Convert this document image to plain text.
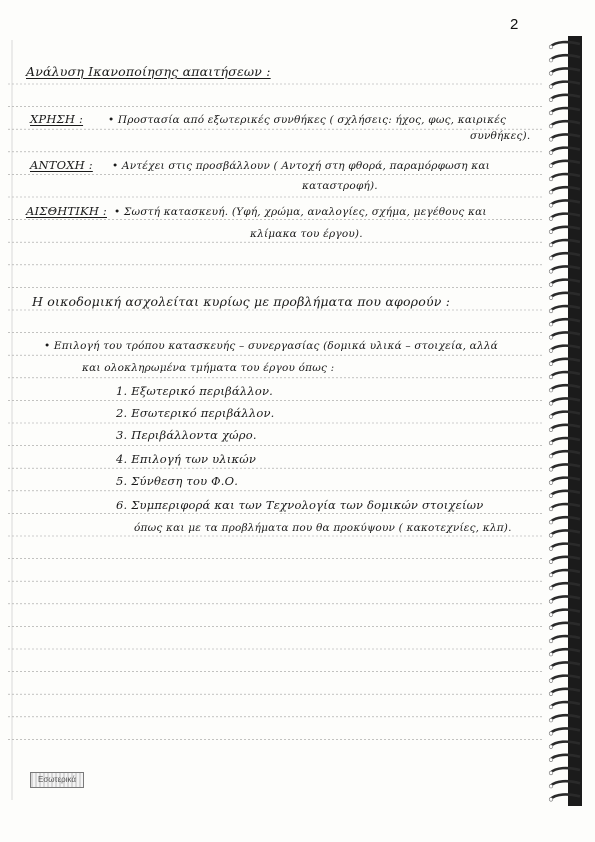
2
Ανάλυση Ικανοποίησης απαιτήσεων :
ΧΡΗΣΗ : • Προστασία από εξωτερικές συνθήκες ( σχλήσεις: ήχος, φως, καιρικές
συνθήκες).
ΑΝΤΟΧΗ : • Αντέχει στις προσβάλλουν ( Αντοχή στη φθορά, παραμόρφωση και
καταστροφή).
ΑΙΣΘΗΤΙΚΗ : • Σωστή κατασκευή. (Υφή, χρώμα, αναλογίες, σχήμα, μεγέθους και
κλίμακα του έργου).
Η οικοδομική ασχολείται κυρίως με προβλήματα που αφορούν :
• Επιλογή του τρόπου κατασκευής – συνεργασίας (δομικά υλικά – στοιχεία, αλλά
και ολοκληρωμένα τμήματα του έργου όπως :
1. Εξωτερικό περιβάλλον.
2. Εσωτερικό περιβάλλον.
3. Περιβάλλοντα χώρο.
4. Επιλογή των υλικών
5. Σύνθεση του Φ.Ο.
6. Συμπεριφορά και των Τεχνολογία των δομικών στοιχείων
όπως και με τα προβλήματα που θα προκύψουν ( κακοτεχνίες, κλπ).
Εσωτερικά
